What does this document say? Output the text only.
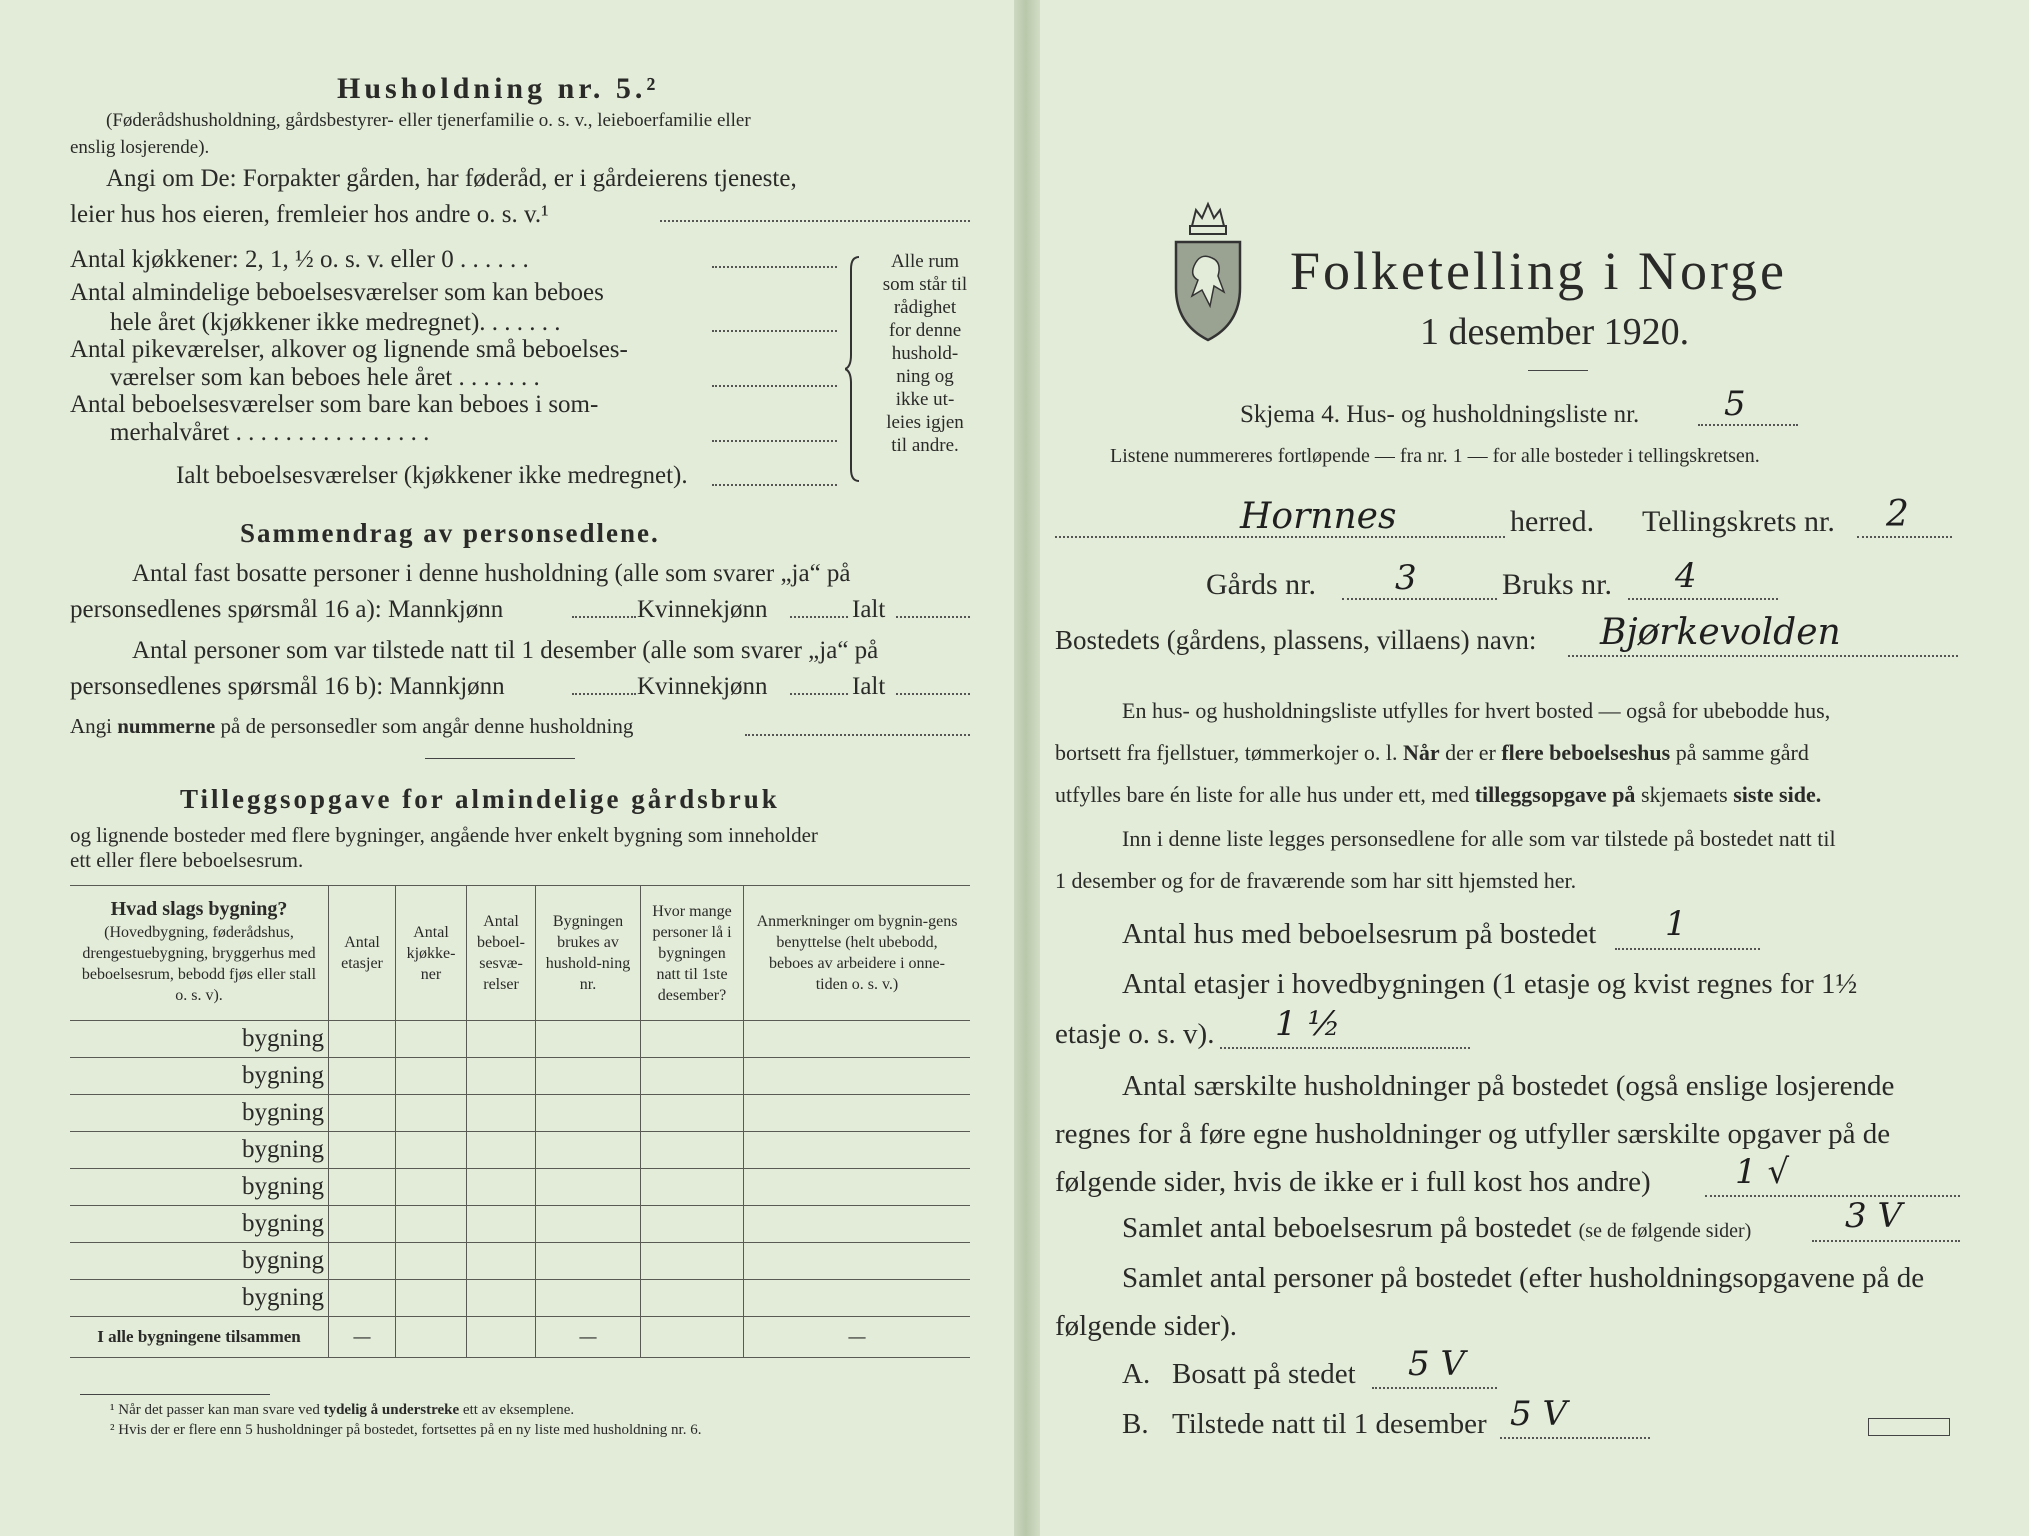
Husholdning nr. 5.²
(Føderådshusholdning, gårdsbestyrer- eller tjenerfamilie o. s. v., leieboerfamilie eller
enslig losjerende).
Angi om De: Forpakter gården, har føderåd, er i gårdeierens tjeneste,
leier hus hos eieren, fremleier hos andre o. s. v.¹
Antal kjøkkener: 2, 1, ½ o. s. v. eller 0 . . . . . .
Antal almindelige beboelsesværelser som kan beboes
hele året (kjøkkener ikke medregnet). . . . . . .
Antal pikeværelser, alkover og lignende små beboelses-
værelser som kan beboes hele året . . . . . . .
Antal beboelsesværelser som bare kan beboes i som-
merhalvåret . . . . . . . . . . . . . . . .
Ialt beboelsesværelser (kjøkkener ikke medregnet).
Alle rum
som står til
rådighet
for denne
hushold-
ning og
ikke ut-
leies igjen
til andre.
Sammendrag av personsedlene.
Antal fast bosatte personer i denne husholdning (alle som svarer „ja“ på
personsedlenes spørsmål 16 a): Mannkjønn	Kvinnekjønn	Ialt
Antal personer som var tilstede natt til 1 desember (alle som svarer „ja“ på
personsedlenes spørsmål 16 b): Mannkjønn	Kvinnekjønn	Ialt
Angi nummerne på de personsedler som angår denne husholdning
Tilleggsopgave for almindelige gårdsbruk
og lignende bosteder med flere bygninger, angående hver enkelt bygning som inneholder
ett eller flere beboelsesrum.
Hvad slags bygning?
(Hovedbygning, føderådshus, drengestuebygning, bryggerhus med beboelsesrum, bebodd fjøs eller stall o. s. v).	Antal etasjer	Antal kjøkke-ner	Antal beboel-sesvæ-relser	Bygningen brukes av hushold-ning nr.	Hvor mange personer lå i bygningen natt til 1ste desember?	Anmerkninger om bygnin-gens benyttelse (helt ubebodd, beboes av arbeidere i onne-tiden o. s. v.)

bygning						
bygning						
bygning						
bygning						
bygning						
bygning						
bygning						
bygning						
I alle bygningene tilsammen	—			—		—
¹ Når det passer kan man svare ved tydelig å understreke ett av eksemplene.
² Hvis der er flere enn 5 husholdninger på bostedet, fortsettes på en ny liste med husholdning nr. 6.
Folketelling i Norge
1 desember 1920.
Skjema 4. Hus- og husholdningsliste nr. 5
Listene nummereres fortløpende — fra nr. 1 — for alle bosteder i tellingskretsen.
Hornnes	herred. Tellingskrets nr. 2
Gårds nr. 3	Bruks nr. 4
Bostedets (gårdens, plassens, villaens) navn: Bjørkevolden
En hus- og husholdningsliste utfylles for hvert bosted — også for ubebodde hus,
bortsett fra fjellstuer, tømmerkojer o. l. Når der er flere beboelseshus på samme gård
utfylles bare én liste for alle hus under ett, med tilleggsopgave på skjemaets siste side.
Inn i denne liste legges personsedlene for alle som var tilstede på bostedet natt til
1 desember og for de fraværende som har sitt hjemsted her.
Antal hus med beboelsesrum på bostedet 1
Antal etasjer i hovedbygningen (1 etasje og kvist regnes for 1½
etasje o. s. v). 1 ½
Antal særskilte husholdninger på bostedet (også enslige losjerende
regnes for å føre egne husholdninger og utfyller særskilte opgaver på de
følgende sider, hvis de ikke er i full kost hos andre) 1 √
Samlet antal beboelsesrum på bostedet (se de følgende sider)	3 V
Samlet antal personer på bostedet (efter husholdningsopgavene på de
følgende sider).
A. Bosatt på stedet 5 V
B. Tilstede natt til 1 desember 5 V
